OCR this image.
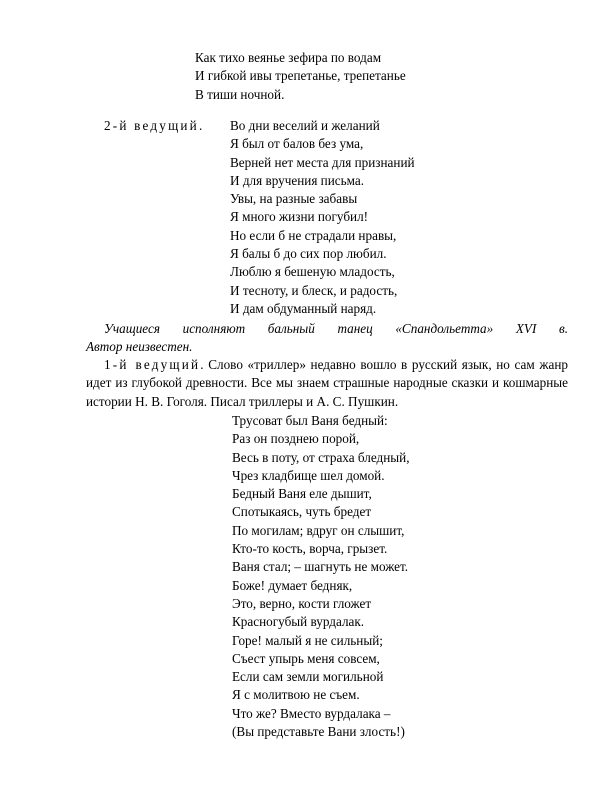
Как тихо веянье зефира по водам
И гибкой ивы трепетанье, трепетанье
В тиши ночной.
2-й ведущий. Во дни веселий и желаний
Я был от балов без ума,
Верней нет места для признаний
И для вручения письма.
Увы, на разные забавы
Я много жизни погубил!
Но если б не страдали нравы,
Я балы б до сих пор любил.
Люблю я бешеную младость,
И тесноту, и блеск, и радость,
И дам обдуманный наряд.

Учащиеся исполняют бальный танец «Спандольетта» XVI в. Автор неизвестен.

1-й ведущий. Слово «триллер» недавно вошло в русский язык, но сам жанр идет из глубокой древности. Все мы знаем страшные народные сказки и кошмарные истории Н. В. Гоголя. Писал триллеры и А. С. Пушкин.

Трусоват был Ваня бедный:
Раз он позднею порой,
Весь в поту, от страха бледный,
Чрез кладбище шел домой.
Бедный Ваня еле дышит,
Спотыкаясь, чуть бредет
По могилам; вдруг он слышит,
Кто-то кость, ворча, грызет.
Ваня стал; – шагнуть не может.
Боже! думает бедняк,
Это, верно, кости гложет
Красногубый вурдалак.
Горе! малый я не сильный;
Съест упырь меня совсем,
Если сам земли могильной
Я с молитвою не съем.
Что же? Вместо вурдалака –
(Вы представьте Вани злость!)
